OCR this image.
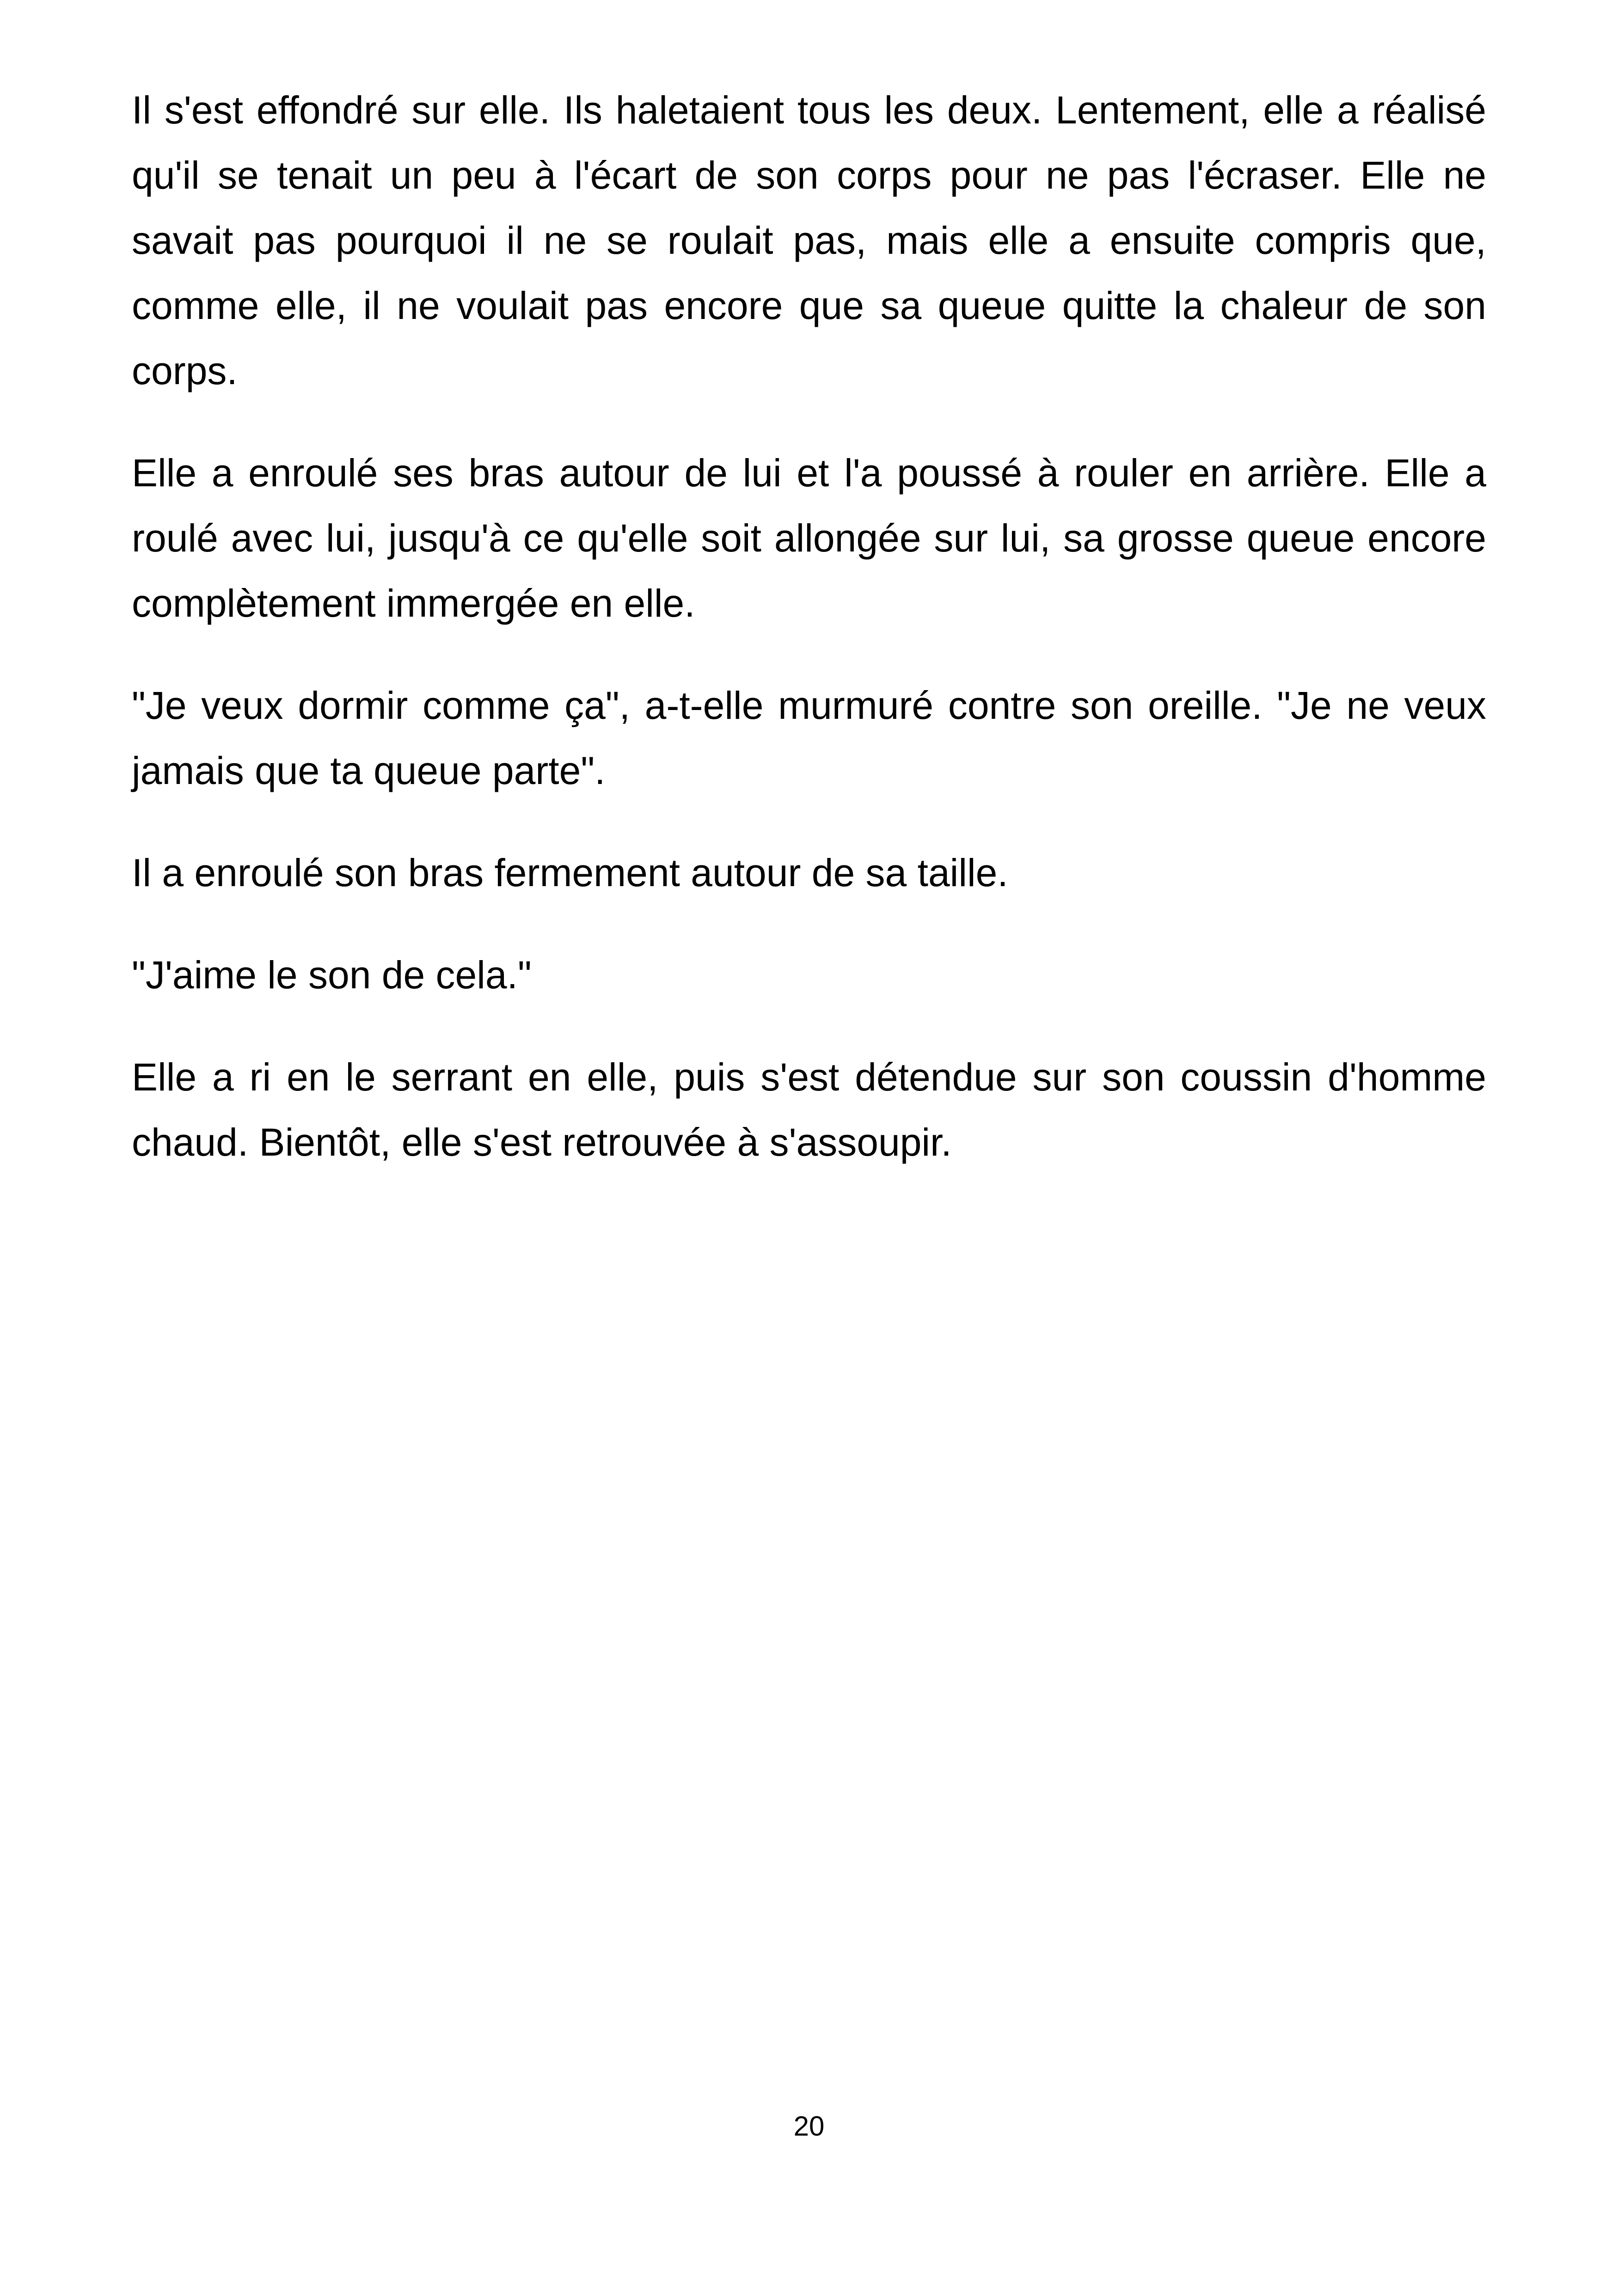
Il s'est effondré sur elle. Ils haletaient tous les deux. Lentement, elle a réalisé qu'il se tenait un peu à l'écart de son corps pour ne pas l'écraser. Elle ne savait pas pourquoi il ne se roulait pas, mais elle a ensuite compris que, comme elle, il ne voulait pas encore que sa queue quitte la chaleur de son corps.

Elle a enroulé ses bras autour de lui et l'a poussé à rouler en arrière. Elle a roulé avec lui, jusqu'à ce qu'elle soit allongée sur lui, sa grosse queue encore complètement immergée en elle.

"Je veux dormir comme ça", a-t-elle murmuré contre son oreille. "Je ne veux jamais que ta queue parte".

Il a enroulé son bras fermement autour de sa taille.

"J'aime le son de cela."

Elle a ri en le serrant en elle, puis s'est détendue sur son coussin d'homme chaud. Bientôt, elle s'est retrouvée à s'assoupir.

20
